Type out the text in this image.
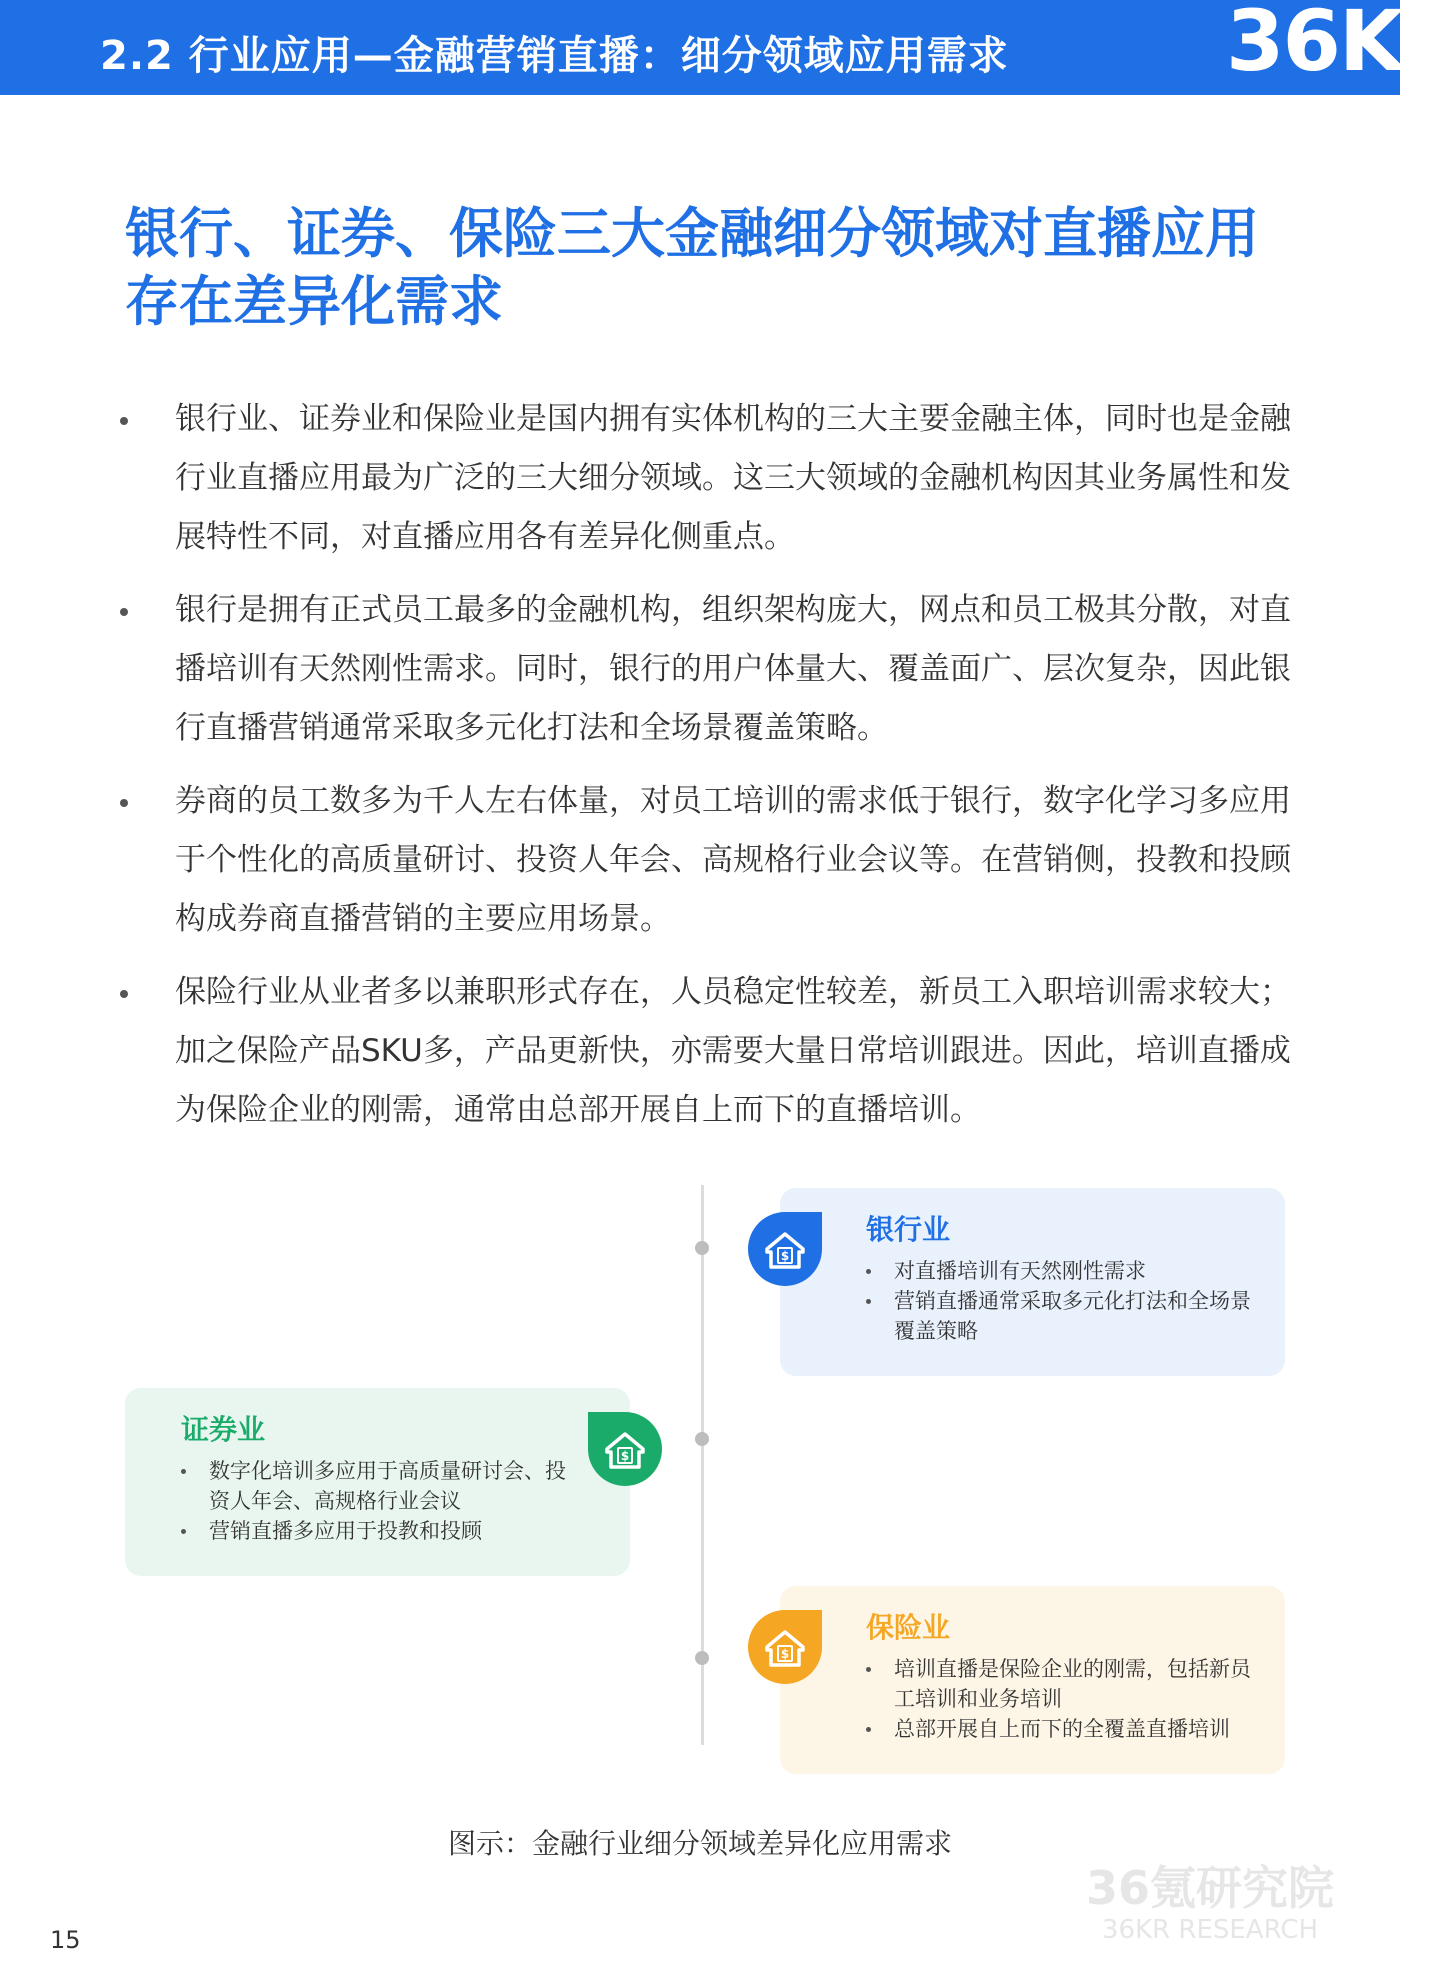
2.2 行业应用—金融营销直播：细分领域应用需求	36Kr
银行、证券、保险三大金融细分领域对直播应用存在差异化需求
银行业、证券业和保险业是国内拥有实体机构的三大主要金融主体，同时也是金融行业直播应用最为广泛的三大细分领域。这三大领域的金融机构因其业务属性和发展特性不同，对直播应用各有差异化侧重点。
银行是拥有正式员工最多的金融机构，组织架构庞大，网点和员工极其分散，对直播培训有天然刚性需求。同时，银行的用户体量大、覆盖面广、层次复杂，因此银行直播营销通常采取多元化打法和全场景覆盖策略。
券商的员工数多为千人左右体量，对员工培训的需求低于银行，数字化学习多应用于个性化的高质量研讨、投资人年会、高规格行业会议等。在营销侧，投教和投顾构成券商直播营销的主要应用场景。
保险行业从业者多以兼职形式存在，人员稳定性较差，新员工入职培训需求较大；加之保险产品SKU多，产品更新快，亦需要大量日常培训跟进。因此，培训直播成为保险企业的刚需，通常由总部开展自上而下的直播培训。
银行业
对直播培训有天然刚性需求
营销直播通常采取多元化打法和全场景覆盖策略
$
证券业
数字化培训多应用于高质量研讨会、投资人年会、高规格行业会议
营销直播多应用于投教和投顾
$
保险业
培训直播是保险企业的刚需，包括新员工培训和业务培训
总部开展自上而下的全覆盖直播培训
$
图示：金融行业细分领域差异化应用需求
36氪研究院
36KR RESEARCH
15
